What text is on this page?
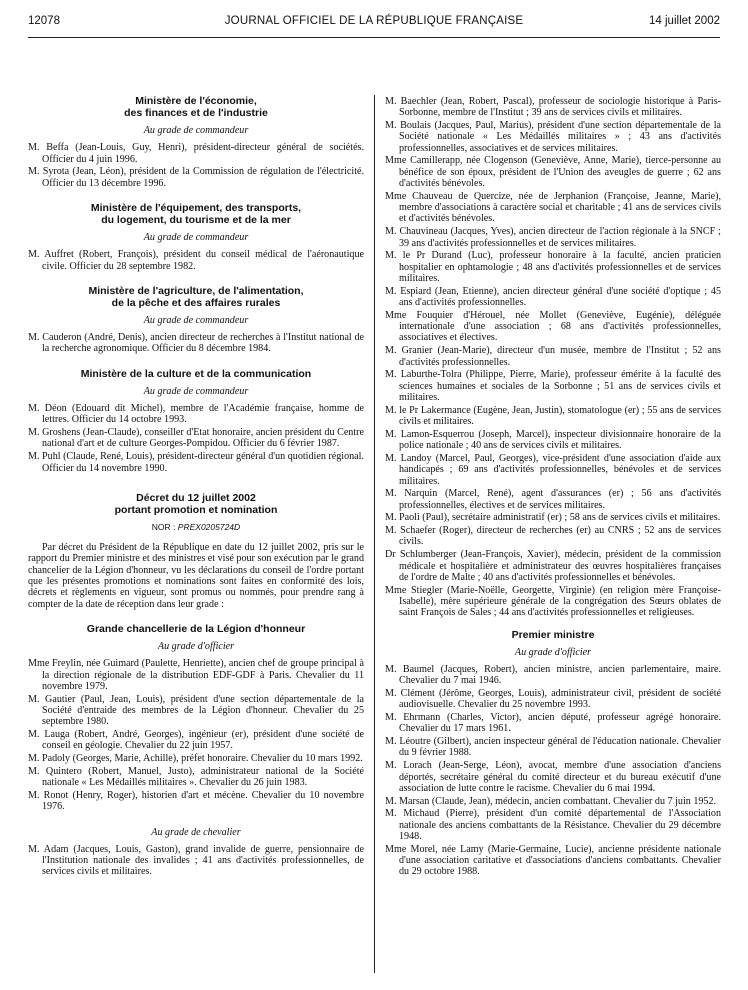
12078	JOURNAL OFFICIEL DE LA RÉPUBLIQUE FRANÇAISE	14 juillet 2002
Ministère de l'économie,
des finances et de l'industrie
Au grade de commandeur

M. Beffa (Jean-Louis, Guy, Henri), président-directeur général de sociétés. Officier du 4 juin 1996.

M. Syrota (Jean, Léon), président de la Commission de régulation de l'électricité. Officier du 13 décembre 1996.

Ministère de l'équipement, des transports,
du logement, du tourisme et de la mer
Au grade de commandeur

M. Auffret (Robert, François), président du conseil médical de l'aéronautique civile. Officier du 28 septembre 1982.

Ministère de l'agriculture, de l'alimentation,
de la pêche et des affaires rurales
Au grade de commandeur

M. Cauderon (André, Denis), ancien directeur de recherches à l'Institut national de la recherche agronomique. Officier du 8 décembre 1984.

Ministère de la culture et de la communication
Au grade de commandeur

M. Déon (Edouard dit Michel), membre de l'Académie française, homme de lettres. Officier du 14 octobre 1993.

M. Groshens (Jean-Claude), conseiller d'Etat honoraire, ancien président du Centre national d'art et de culture Georges-Pompidou. Officier du 6 février 1987.

M. Puhl (Claude, René, Louis), président-directeur général d'un quotidien régional. Officier du 14 novembre 1990.

Décret du 12 juillet 2002
portant promotion et nomination
NOR : PREX0205724D

Par décret du Président de la République en date du 12 juillet 2002, pris sur le rapport du Premier ministre et des ministres et visé pour son exécution par le grand chancelier de la Légion d'honneur, vu les déclarations du conseil de l'ordre portant que les présentes promotions et nominations sont faites en conformité des lois, décrets et règlements en vigueur, sont promus ou nommés, pour prendre rang à compter de la date de réception dans leur grade :

Grande chancellerie de la Légion d'honneur
Au grade d'officier

Mme Freylin, née Guimard (Paulette, Henriette), ancien chef de groupe principal à la direction régionale de la distribution EDF-GDF à Paris. Chevalier du 11 novembre 1979.

M. Gautier (Paul, Jean, Louis), président d'une section départementale de la Société d'entraide des membres de la Légion d'honneur. Chevalier du 25 septembre 1980.

M. Lauga (Robert, André, Georges), ingénieur (er), président d'une société de conseil en géologie. Chevalier du 22 juin 1957.

M. Padoly (Georges, Marie, Achille), préfet honoraire. Chevalier du 10 mars 1992.

M. Quintero (Robert, Manuel, Justo), administrateur national de la Société nationale « Les Médaillés militaires ». Chevalier du 26 juin 1983.

M. Ronot (Henry, Roger), historien d'art et mécène. Chevalier du 10 novembre 1976.

Au grade de chevalier

M. Adam (Jacques, Louis, Gaston), grand invalide de guerre, pensionnaire de l'Institution nationale des invalides ; 41 ans d'activités professionnelles, de services civils et militaires.

M. Baechler (Jean, Robert, Pascal), professeur de sociologie historique à Paris-Sorbonne, membre de l'Institut ; 39 ans de services civils et militaires.

M. Boulais (Jacques, Paul, Marius), président d'une section départementale de la Société nationale « Les Médaillés militaires » ; 43 ans d'activités professionnelles, associatives et de services militaires.

Mme Camillerapp, née Clogenson (Geneviève, Anne, Marie), tierce-personne au bénéfice de son époux, président de l'Union des aveugles de guerre ; 62 ans d'activités bénévoles.

Mme Chauveau de Quercize, née de Jerphanion (Françoise, Jeanne, Marie), membre d'associations à caractère social et charitable ; 41 ans de services civils et d'activités bénévoles.

M. Chauvineau (Jacques, Yves), ancien directeur de l'action régionale à la SNCF ; 39 ans d'activités professionnelles et de services militaires.

M. le Pr Durand (Luc), professeur honoraire à la faculté, ancien praticien hospitalier en ophtamologie ; 48 ans d'activités professionnelles et de services militaires.

M. Espiard (Jean, Etienne), ancien directeur général d'une société d'optique ; 45 ans d'activités professionnelles.

Mme Fouquier d'Hérouel, née Mollet (Geneviève, Eugénie), déléguée internationale d'une association ; 68 ans d'activités professionnelles, associatives et électives.

M. Granier (Jean-Marie), directeur d'un musée, membre de l'Institut ; 52 ans d'activités professionnelles.

M. Laburthe-Tolra (Philippe, Pierre, Marie), professeur émérite à la faculté des sciences humaines et sociales de la Sorbonne ; 51 ans de services civils et militaires.

M. le Pr Lakermance (Eugène, Jean, Justin), stomatologue (er) ; 55 ans de services civils et militaires.

M. Lamon-Esquerrou (Joseph, Marcel), inspecteur divisionnaire honoraire de la police nationale ; 40 ans de services civils et militaires.

M. Landoy (Marcel, Paul, Georges), vice-président d'une association d'aide aux handicapés ; 69 ans d'activités professionnelles, bénévoles et de services militaires.

M. Narquin (Marcel, René), agent d'assurances (er) ; 56 ans d'activités professionnelles, électives et de services militaires.

M. Paoli (Paul), secrétaire administratif (er) ; 58 ans de services civils et militaires.

M. Schaefer (Roger), directeur de recherches (er) au CNRS ; 52 ans de services civils.

Dr Schlumberger (Jean-François, Xavier), médecin, président de la commission médicale et hospitalière et administrateur des œuvres hospitalières françaises de l'ordre de Malte ; 40 ans d'activités professionnelles et bénévoles.

Mme Stiegler (Marie-Noëlle, Georgette, Virginie) (en religion mère Françoise-Isabelle), mère supérieure générale de la congrégation des Sœurs oblates de saint François de Sales ; 44 ans d'activités professionnelles et religieuses.

Premier ministre
Au grade d'officier

M. Baumel (Jacques, Robert), ancien ministre, ancien parlementaire, maire. Chevalier du 7 mai 1946.

M. Clément (Jérôme, Georges, Louis), administrateur civil, président de société audiovisuelle. Chevalier du 25 novembre 1993.

M. Ehrmann (Charles, Victor), ancien député, professeur agrégé honoraire. Chevalier du 17 mars 1961.

M. Léoutre (Gilbert), ancien inspecteur général de l'éducation nationale. Chevalier du 9 février 1988.

M. Lorach (Jean-Serge, Léon), avocat, membre d'une association d'anciens déportés, secrétaire général du comité directeur et du bureau exécutif d'une association de lutte contre le racisme. Chevalier du 6 mai 1994.

M. Marsan (Claude, Jean), médecin, ancien combattant. Chevalier du 7 juin 1952.

M. Michaud (Pierre), président d'un comité départemental de l'Association nationale des anciens combattants de la Résistance. Chevalier du 29 décembre 1948.

Mme Morel, née Lamy (Marie-Germaine, Lucie), ancienne présidente nationale d'une association caritative et d'associations d'anciens combattants. Chevalier du 29 octobre 1988.
